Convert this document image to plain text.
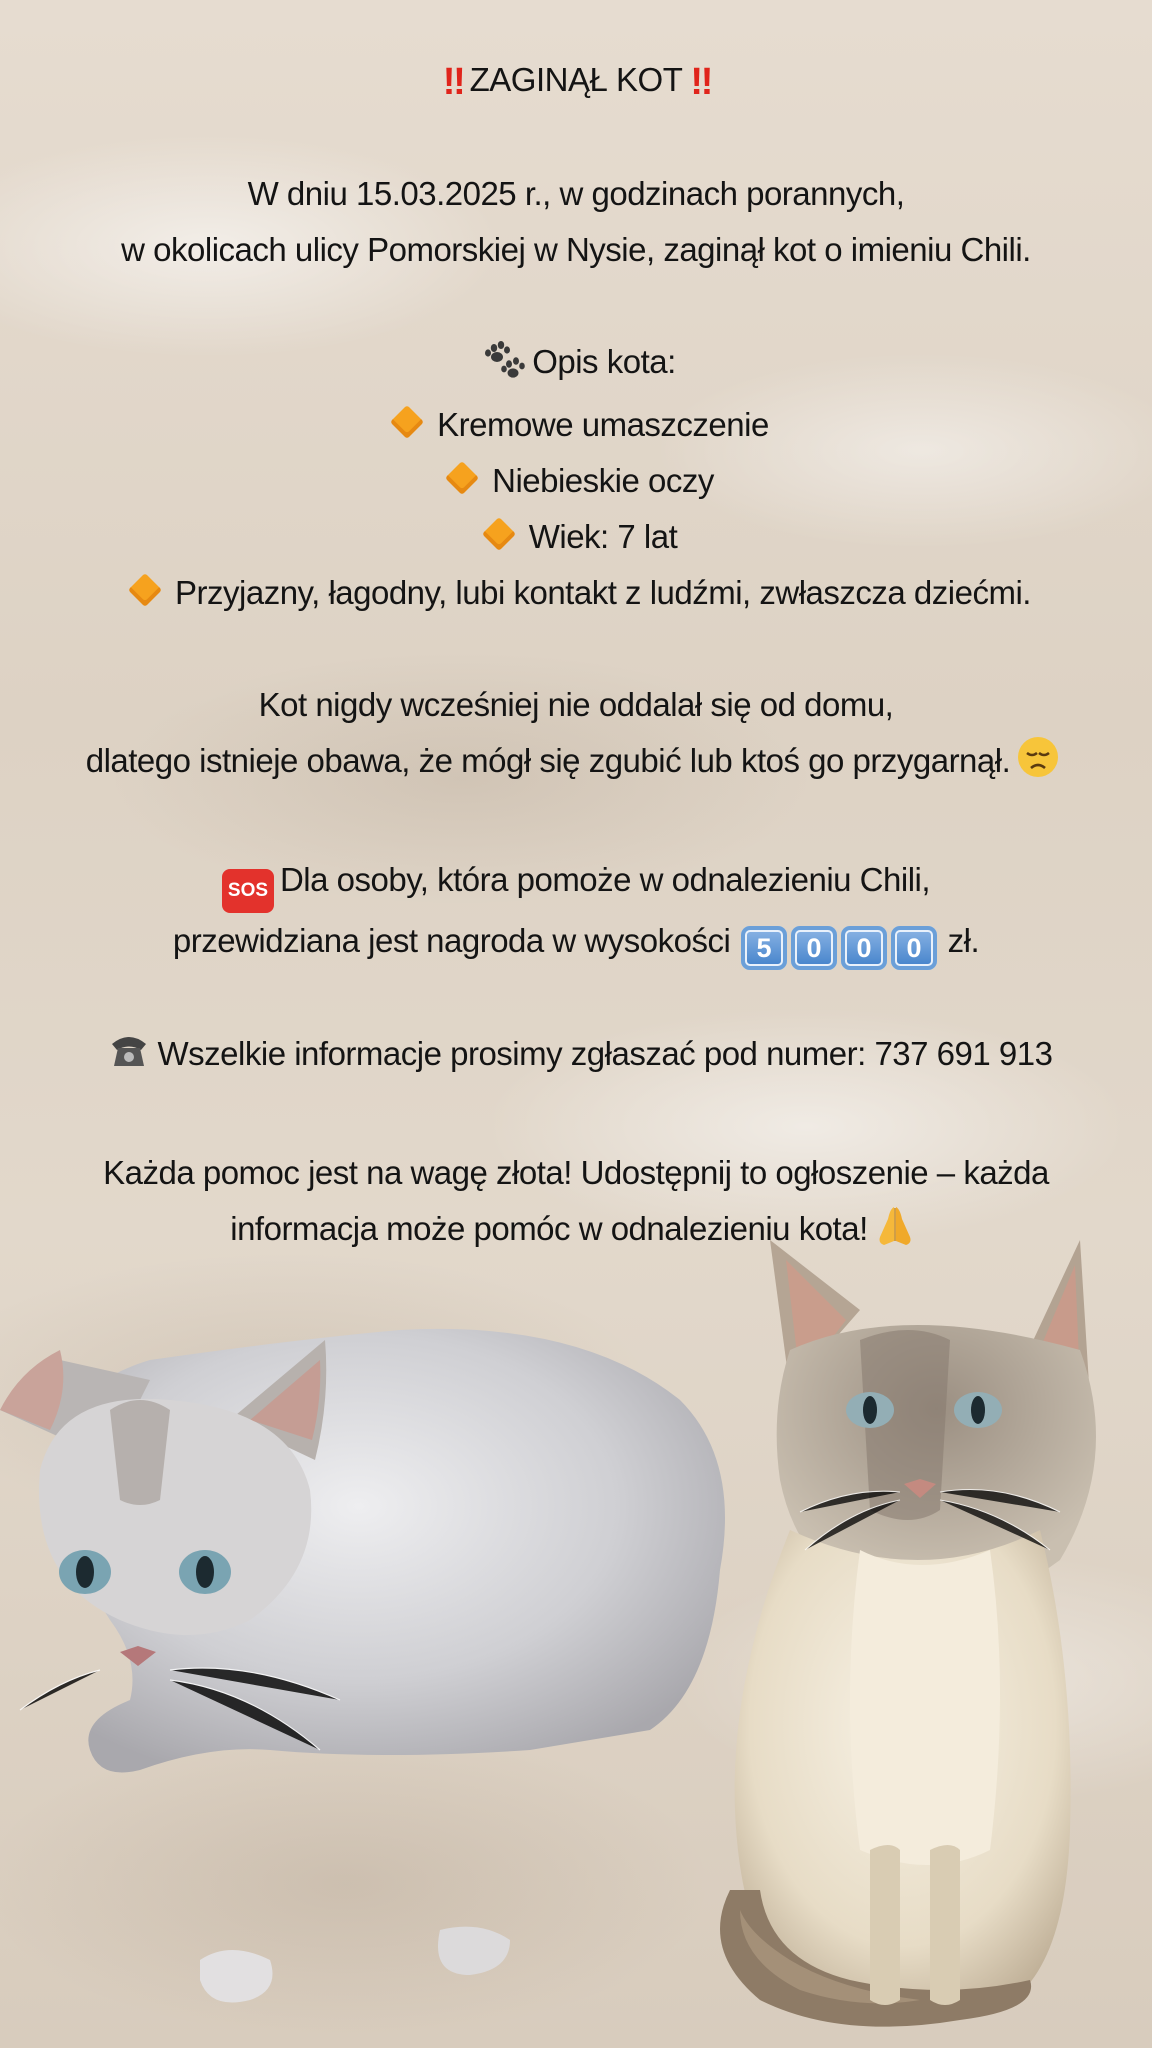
‼ ZAGINĄŁ KOT ‼
W dniu 15.03.2025 r., w godzinach porannych,
w okolicach ulicy Pomorskiej w Nysie, zaginął kot o imieniu Chili.
Opis kota:
Kremowe umaszczenie
Niebieskie oczy
Wiek: 7 lat
Przyjazny, łagodny, lubi kontakt z ludźmi, zwłaszcza dziećmi.
Kot nigdy wcześniej nie oddalał się od domu,
dlatego istnieje obawa, że mógł się zgubić lub ktoś go przygarnął.
SOS Dla osoby, która pomoże w odnalezieniu Chili,
przewidziana jest nagroda w wysokości 5 0 0 0 zł.
Wszelkie informacje prosimy zgłaszać pod numer: 737 691 913
Każda pomoc jest na wagę złota! Udostępnij to ogłoszenie – każda
informacja może pomóc w odnalezieniu kota!
